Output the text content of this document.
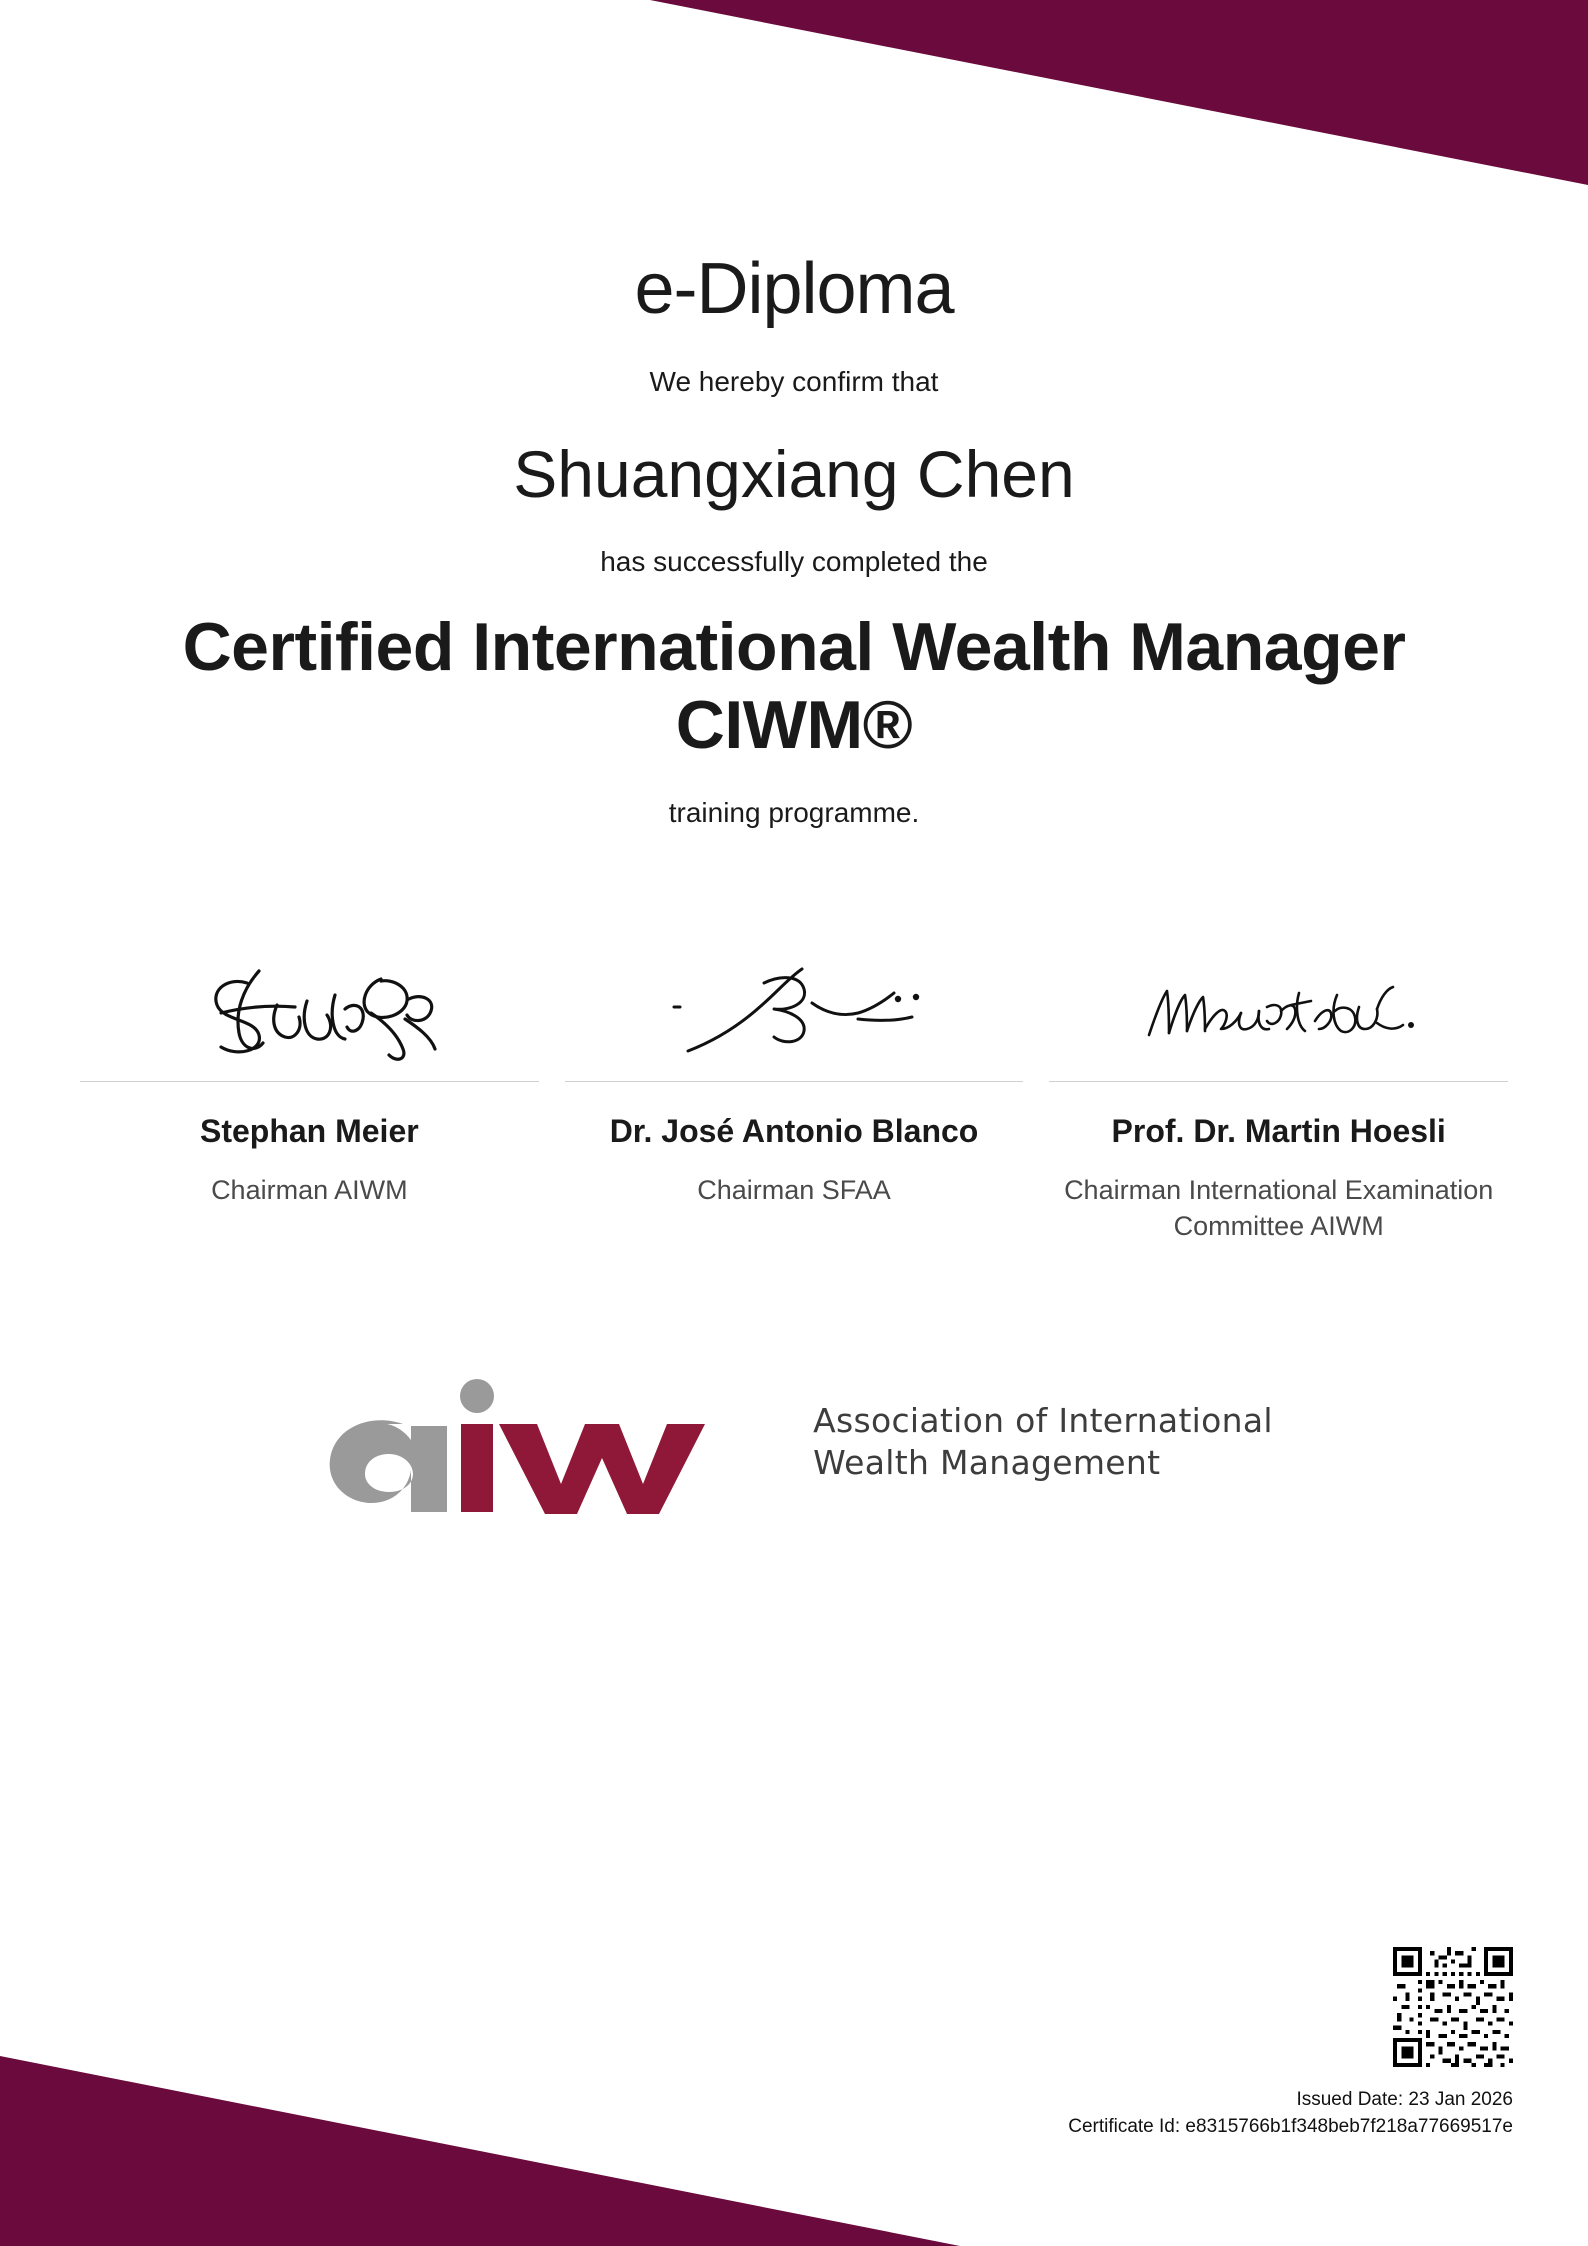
e-Diploma

We hereby confirm that

Shuangxiang Chen

has successfully completed the

Certified International Wealth Manager CIWM®

training programme.

Stephan Meier
Chairman AIWM
Dr. José Antonio Blanco
Chairman SFAA
Prof. Dr. Martin Hoesli
Chairman International Examination Committee AIWM
Association of International
Wealth Management
Issued Date: 23 Jan 2026
Certificate Id: e8315766b1f348beb7f218a77669517e
